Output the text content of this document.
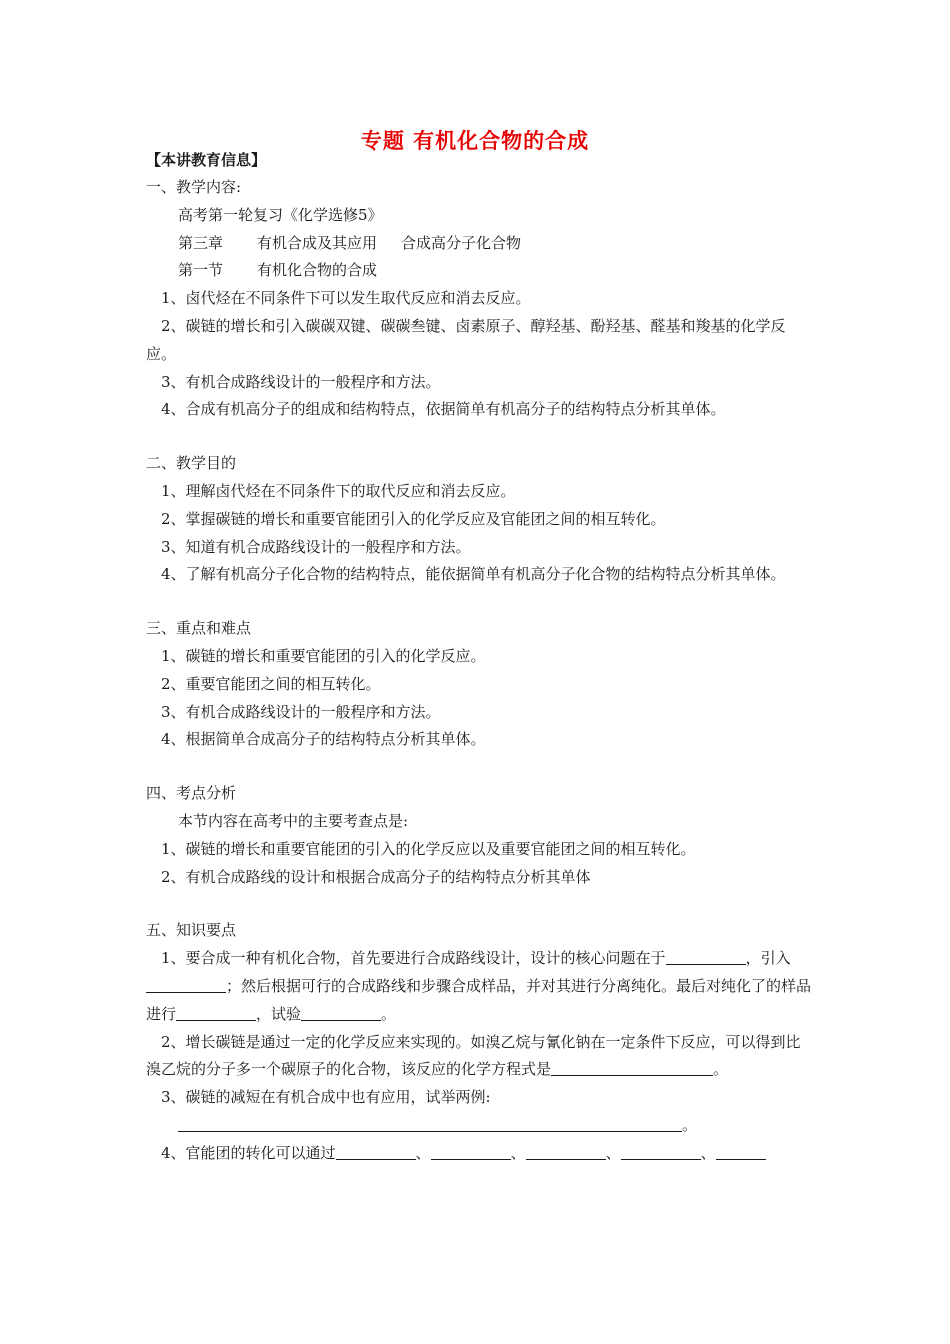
专题 有机化合物的合成
【本讲教育信息】
一、教学内容:
高考第一轮复习《化学选修5》
第三章 有机合成及其应用 合成高分子化合物
第一节 有机化合物的合成
1、卤代烃在不同条件下可以发生取代反应和消去反应。
2、碳链的增长和引入碳碳双键、碳碳叁键、卤素原子、醇羟基、酚羟基、醛基和羧基的化学反应。
3、有机合成路线设计的一般程序和方法。
4、合成有机高分子的组成和结构特点，依据简单有机高分子的结构特点分析其单体。
二、教学目的
1、理解卤代烃在不同条件下的取代反应和消去反应。
2、掌握碳链的增长和重要官能团引入的化学反应及官能团之间的相互转化。
3、知道有机合成路线设计的一般程序和方法。
4、了解有机高分子化合物的结构特点，能依据简单有机高分子化合物的结构特点分析其单体。
三、重点和难点
1、碳链的增长和重要官能团的引入的化学反应。
2、重要官能团之间的相互转化。
3、有机合成路线设计的一般程序和方法。
4、根据简单合成高分子的结构特点分析其单体。
四、考点分析
本节内容在高考中的主要考查点是:
1、碳链的增长和重要官能团的引入的化学反应以及重要官能团之间的相互转化。
2、有机合成路线的设计和根据合成高分子的结构特点分析其单体
五、知识要点
1、要合成一种有机化合物，首先要进行合成路线设计，设计的核心问题在于	，引入；然后根据可行的合成路线和步骤合成样品，并对其进行分离纯化。最后对纯化了的样品进行	，试验	。
2、增长碳链是通过一定的化学反应来实现的。如溴乙烷与氰化钠在一定条件下反应，可以得到比溴乙烷的分子多一个碳原子的化合物，该反应的化学方程式是	。
3、碳链的减短在有机合成中也有应用，试举两例:
。
4、官能团的转化可以通过	、	、	、	、
